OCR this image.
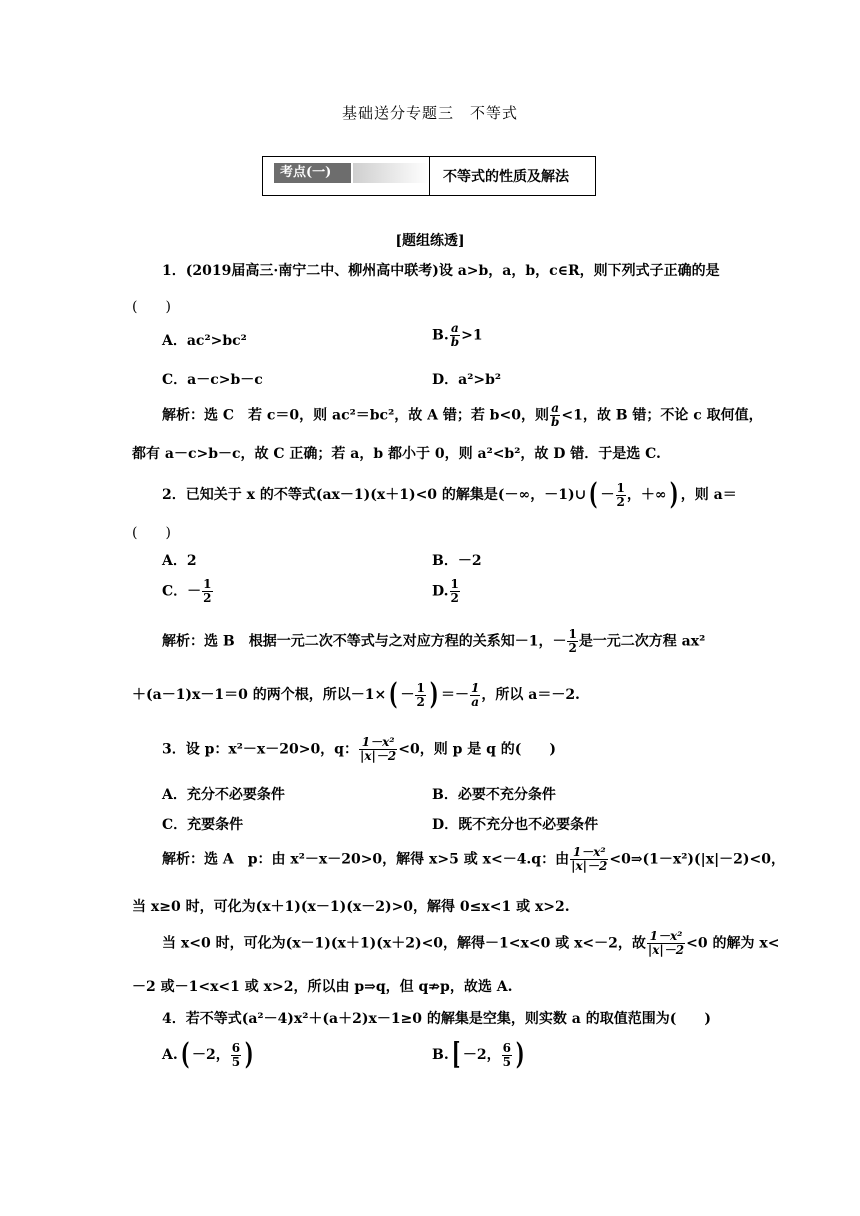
基础送分专题三　不等式
考点(一)	不等式的性质及解法
[题组练透]
1．(2019届高三·南宁二中、柳州高中联考)设 a>b，a，b，c∈R，则下列式子正确的是
(　　)
A．ac²>bc²	B. $\frac{a}{b} >1$
C．a－c>b－c	D．a²>b²
解析：选 C　若 c＝0，则 ac²＝bc²，故 A 错；若 b<0，则 $\frac{a}{b} <1$，故 B 错；不论 c 取何值，
都有 a－c>b－c，故 C 正确；若 a，b 都小于 0，则 a²<b²，故 D 错．于是选 C.
2．已知关于 x 的不等式(ax－1)(x＋1)<0 的解集是(－∞，－1)∪( － $\frac{1}{2}$ ，＋∞) ，则 a＝
(　　)
A．2	B．－2
C．－ $\frac{1}{2}$	D. $\frac{1}{2}$
解析：选 B　根据一元二次不等式与之对应方程的关系知－1，－ $\frac{1}{2}$ 是一元二次方程 ax²
＋(a－1)x－1＝0 的两个根，所以$-1\times( - \frac{1}{2}$ ) ＝－ $\frac{1}{a}$ ，所以 a＝－2.
3．设 p：x²－x－20>0，q： $\frac{\text{1－x²}}{|x|-2} <0$，则 p 是 q 的(　　)
A．充分不必要条件	B．必要不充分条件
C．充要条件	D．既不充分也不必要条件
解析：选 A　p：由 x²－x－20>0，解得 x>5 或 x<－4.q：由 $\frac{\text{1－x²}}{|x|-2}$ <0⇒(1－x²)(|x|－2)<0，
当 x≥0 时，可化为(x＋1)(x－1)(x－2)>0，解得 0≤x<1 或 x>2.
当 x<0 时，可化为(x－1)(x＋1)(x＋2)<0，解得－1<x<0 或 x<－2，故 $\frac{\text{1－x²}}{|x|-2} <0$ 的解为 x<
－2 或－1<x<1 或 x>2，所以由 p⇒q，但 q⇏p，故选 A.
4．若不等式(a²－4)x²＋(a＋2)x－1≥0 的解集是空集，则实数 a 的取值范围为(　　)
A.( －2， $\frac{6}{5}$ )	B.[ －2， $\frac{6}{5}$ )
